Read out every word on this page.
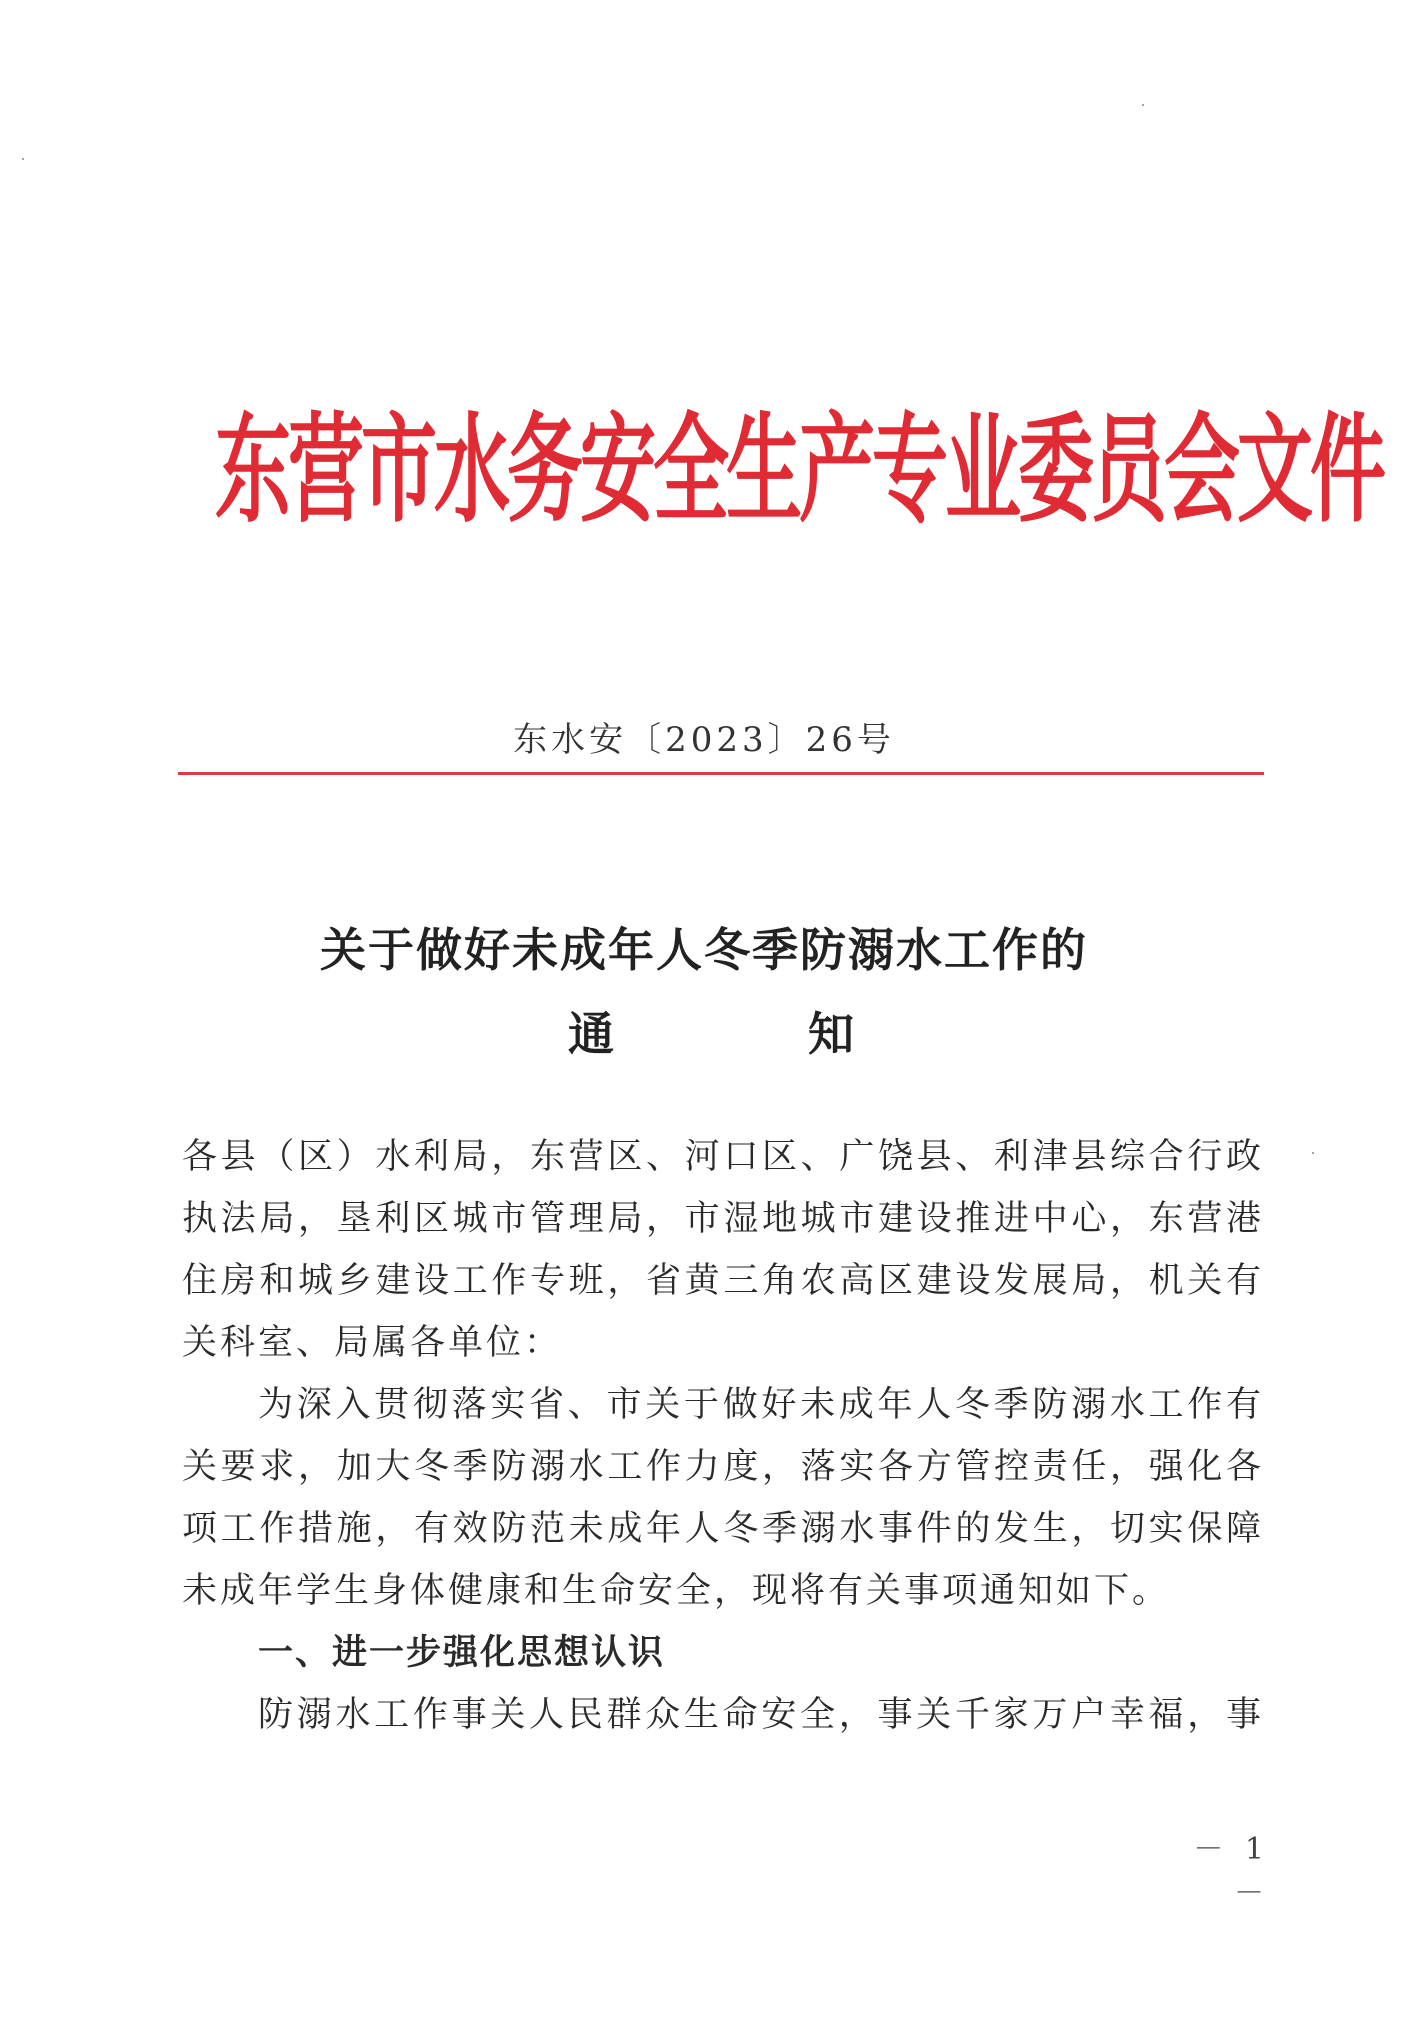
东
营
市
水
务
安
全
生
产
专
业
委
员
会
文
件
东水安〔2023〕26号
关于做好未成年人冬季防溺水工作的
通	知

各县（区）水利局，东营区、河口区、广饶县、利津县综合行政

执法局，垦利区城市管理局，市湿地城市建设推进中心，东营港

住房和城乡建设工作专班，省黄三角农高区建设发展局，机关有

关科室、局属各单位：

为深入贯彻落实省、市关于做好未成年人冬季防溺水工作有

关要求，加大冬季防溺水工作力度，落实各方管控责任，强化各

项工作措施，有效防范未成年人冬季溺水事件的发生，切实保障

未成年学生身体健康和生命安全，现将有关事项通知如下。

一、进一步强化思想认识

防溺水工作事关人民群众生命安全，事关千家万户幸福，事

－ 1 －
